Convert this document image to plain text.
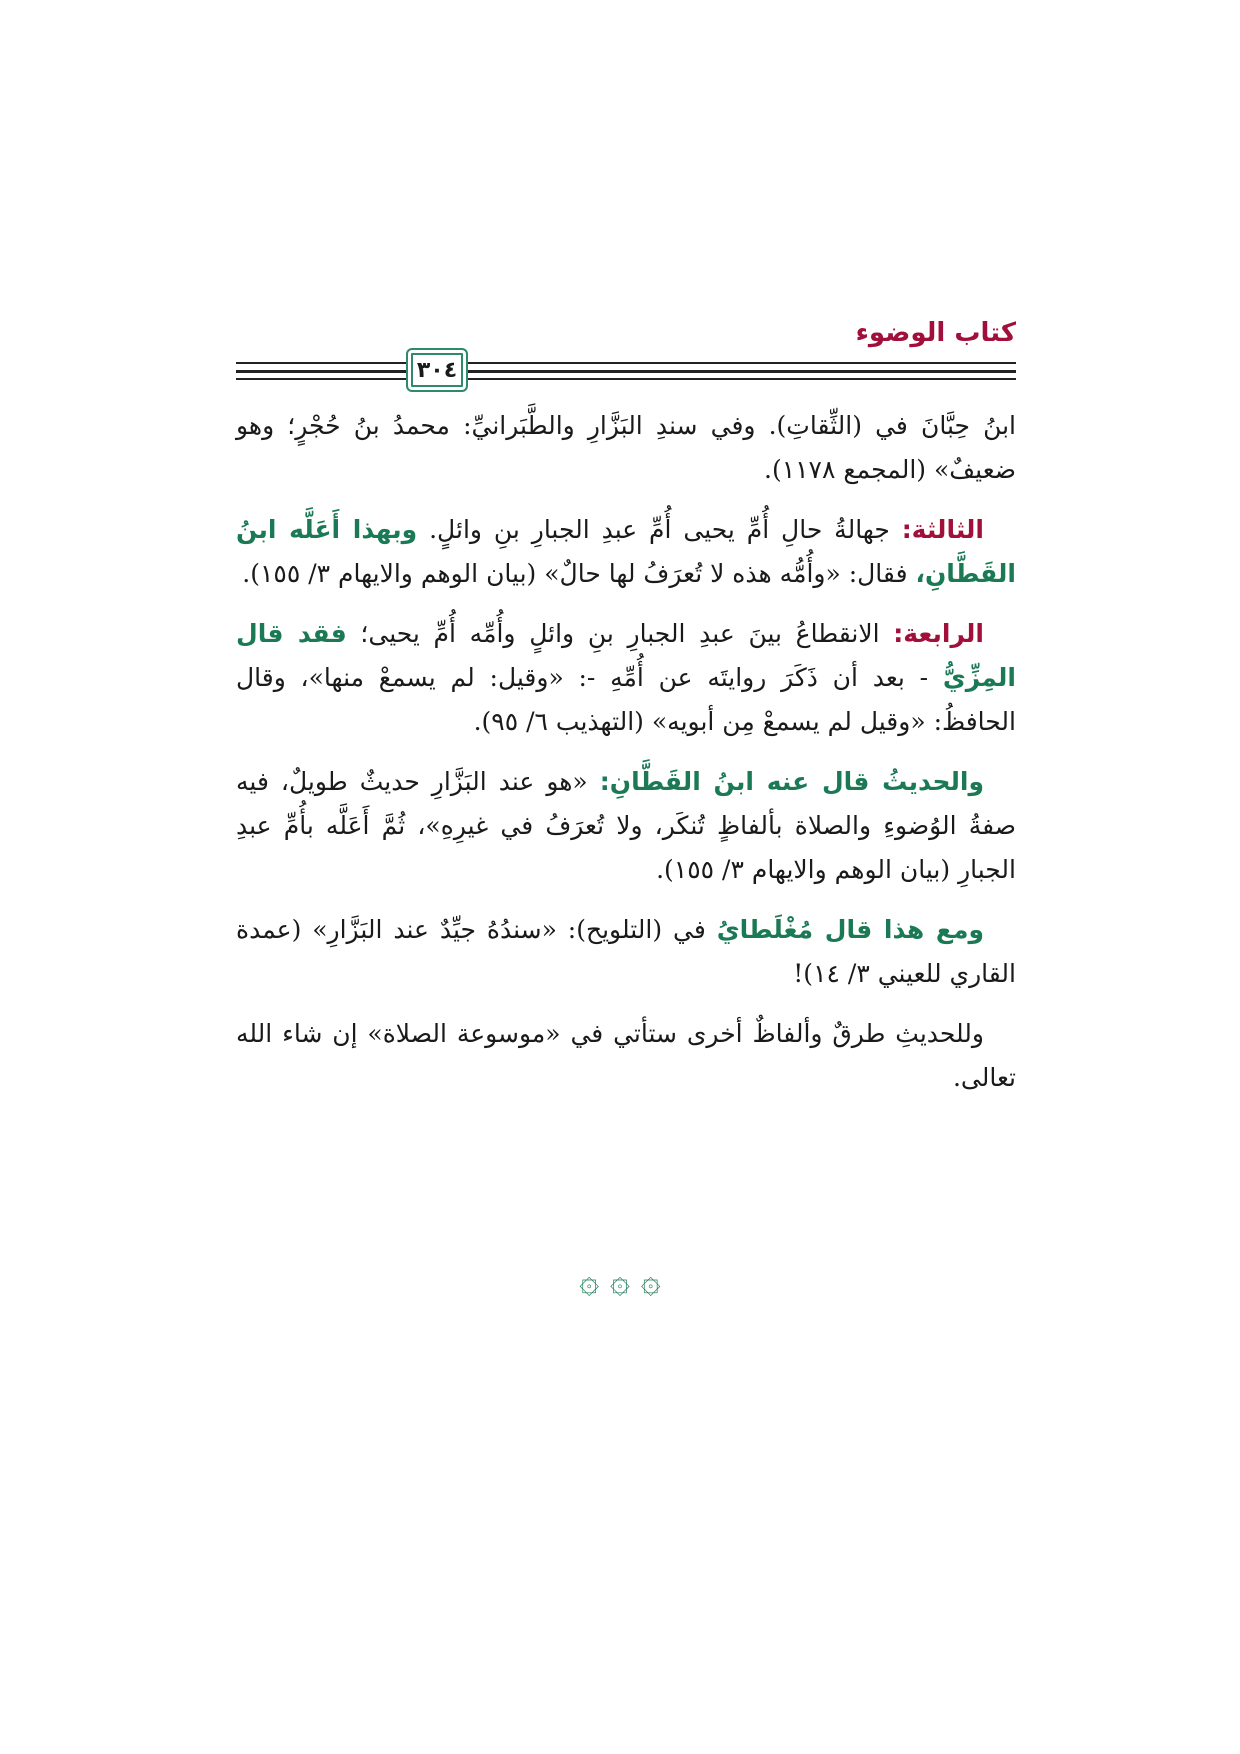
كتاب الوضوء
٣٠٤

ابنُ حِبَّانَ في (الثِّقاتِ). وفي سندِ البَزَّارِ والطَّبَرانيِّ: محمدُ بنُ حُجْرٍ؛ وهو ضعيفٌ» (المجمع ١١٧٨).

الثالثة: جهالةُ حالِ أُمِّ يحيى أُمِّ عبدِ الجبارِ بنِ وائلٍ. وبهذا أَعَلَّه ابنُ القَطَّانِ، فقال: «وأُمُّه هذه لا تُعرَفُ لها حالٌ» (بيان الوهم والايهام ٣/ ١٥٥).

الرابعة: الانقطاعُ بينَ عبدِ الجبارِ بنِ وائلٍ وأُمِّه أُمِّ يحيى؛ فقد قال المِزِّيُّ - بعد أن ذَكَرَ روايتَه عن أُمِّهِ -: «وقيل: لم يسمعْ منها»، وقال الحافظُ: «وقيل لم يسمعْ مِن أبويه» (التهذيب ٦/ ٩٥).

والحديثُ قال عنه ابنُ القَطَّانِ: «هو عند البَزَّارِ حديثٌ طويلٌ، فيه صفةُ الوُضوءِ والصلاة بألفاظٍ تُنكَر، ولا تُعرَفُ في غيرِهِ»، ثُمَّ أَعَلَّه بأُمِّ عبدِ الجبارِ (بيان الوهم والايهام ٣/ ١٥٥).

ومع هذا قال مُغْلَطايُ في (التلويح): «سندُهُ جيِّدٌ عند البَزَّارِ» (عمدة القاري للعيني ٣/ ١٤)!

وللحديثِ طرقٌ وألفاظٌ أخرى ستأتي في «موسوعة الصلاة» إن شاء الله تعالى.

۞ ۞ ۞
